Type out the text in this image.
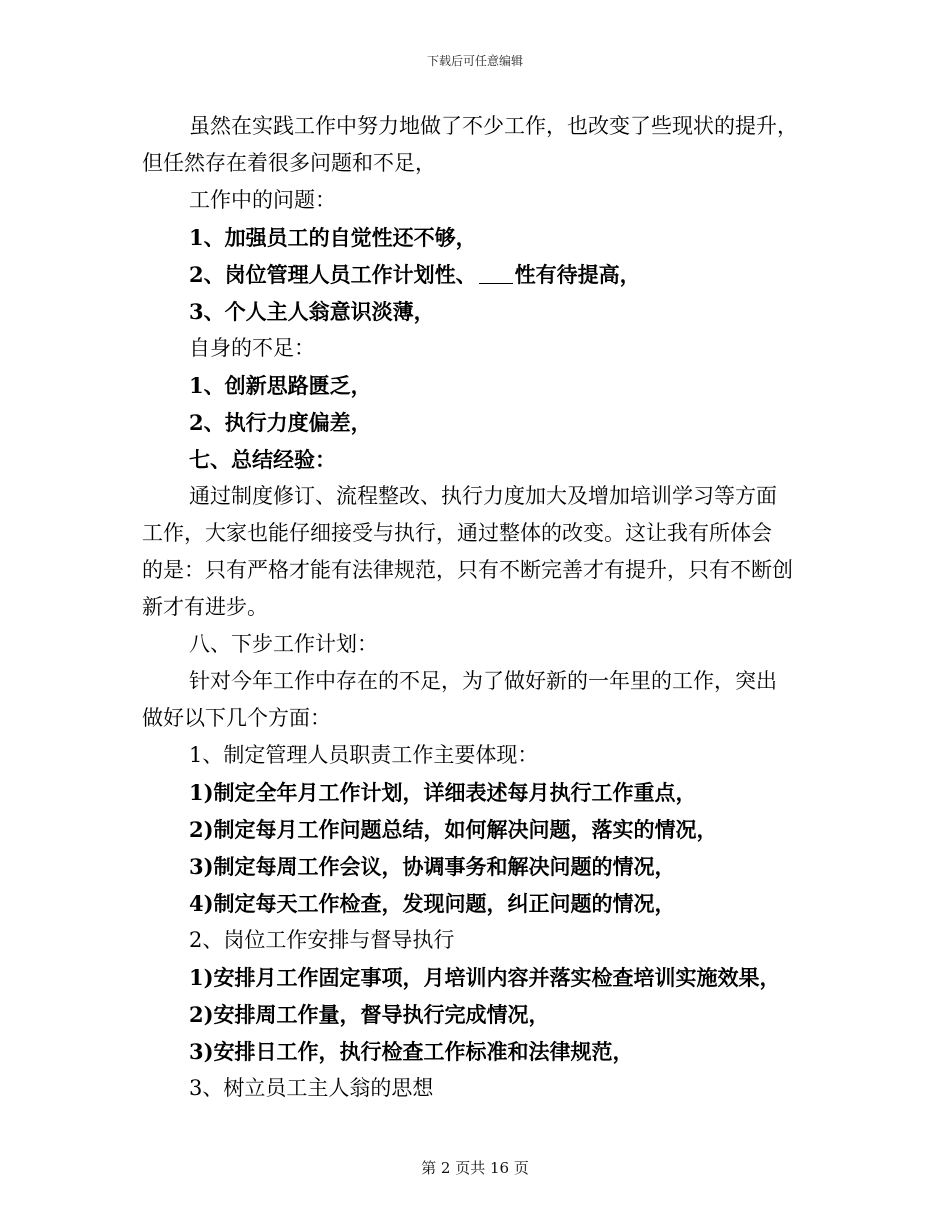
下载后可任意编辑
虽然在实践工作中努力地做了不少工作，也改变了些现状的提升，
但任然存在着很多问题和不足，
工作中的问题：
1、加强员工的自觉性还不够，
2、岗位管理人员工作计划性、 性有待提高，
3、个人主人翁意识淡薄，
自身的不足：
1、创新思路匮乏，
2、执行力度偏差，
七、总结经验：
通过制度修订、流程整改、执行力度加大及增加培训学习等方面
工作，大家也能仔细接受与执行，通过整体的改变。这让我有所体会
的是：只有严格才能有法律规范，只有不断完善才有提升，只有不断创
新才有进步。
八、下步工作计划：
针对今年工作中存在的不足，为了做好新的一年里的工作，突出
做好以下几个方面：
1、制定管理人员职责工作主要体现：
1)制定全年月工作计划，详细表述每月执行工作重点，
2)制定每月工作问题总结，如何解决问题，落实的情况，
3)制定每周工作会议，协调事务和解决问题的情况，
4)制定每天工作检查，发现问题，纠正问题的情况，
2、岗位工作安排与督导执行
1)安排月工作固定事项，月培训内容并落实检查培训实施效果，
2)安排周工作量，督导执行完成情况，
3)安排日工作，执行检查工作标准和法律规范，
3、树立员工主人翁的思想
第 2 页共 16 页
